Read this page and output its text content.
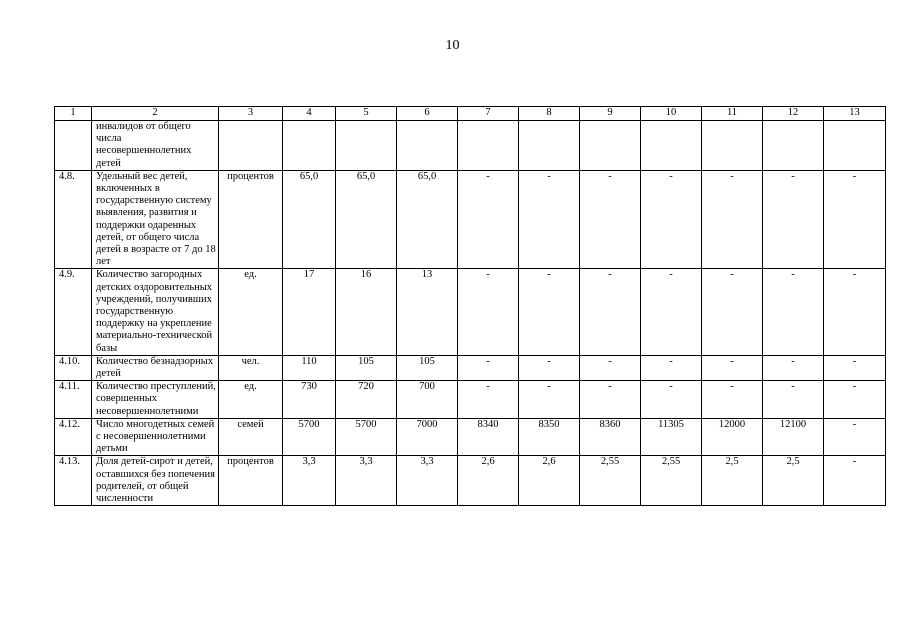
10
1	2	3	4	5	6	7	8	9	10	11	12	13
	инвалидов от общего числа несовершеннолетних детей											
4.8.	Удельный вес детей, включенных в государственную систему выявления, развития и поддержки одаренных детей, от общего числа детей в возрасте от 7 до 18 лет	процентов	65,0	65,0	65,0	-	-	-	-	-	-	-
4.9.	Количество загородных детских оздоровительных учреждений, получивших государственную поддержку на укрепление материально-технической базы	ед.	17	16	13	-	-	-	-	-	-	-
4.10.	Количество безнадзорных детей	чел.	110	105	105	-	-	-	-	-	-	-
4.11.	Количество преступлений, совершенных несовершеннолетними	ед.	730	720	700	-	-	-	-	-	-	-
4.12.	Число многодетных семей с несовершеннолетними детьми	семей	5700	5700	7000	8340	8350	8360	11305	12000	12100	-
4.13.	Доля детей-сирот и детей, оставшихся без попечения родителей, от общей численности	процентов	3,3	3,3	3,3	2,6	2,6	2,55	2,55	2,5	2,5	-
